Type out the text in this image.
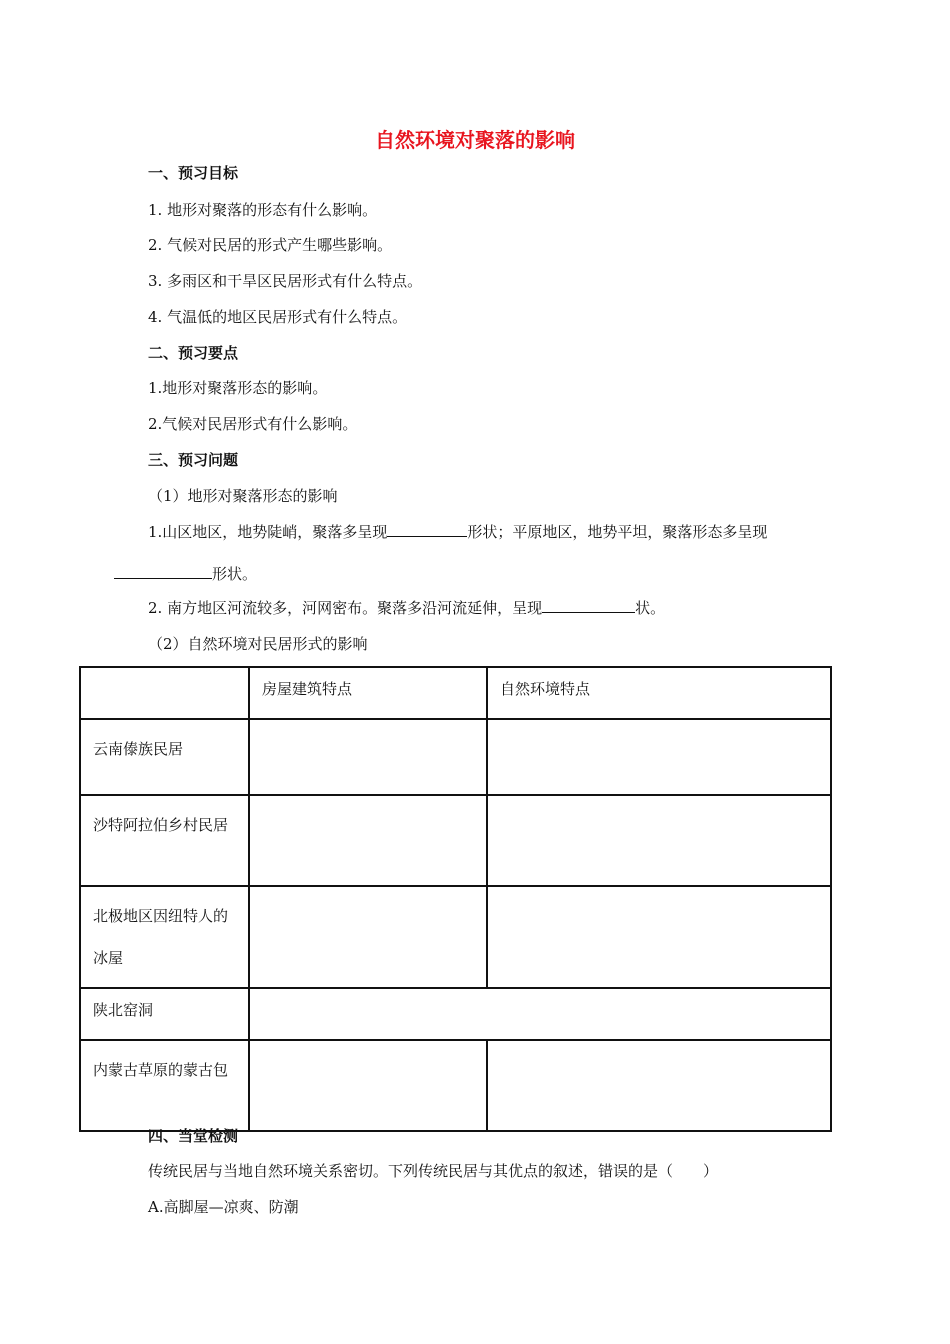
自然环境对聚落的影响
一、预习目标
1. 地形对聚落的形态有什么影响。
2. 气候对民居的形式产生哪些影响。
3. 多雨区和干旱区民居形式有什么特点。
4. 气温低的地区民居形式有什么特点。
二、预习要点
1.地形对聚落形态的影响。
2.气候对民居形式有什么影响。
三、预习问题
（1）地形对聚落形态的影响
1.山区地区，地势陡峭，聚落多呈现	形状；平原地区，地势平坦，聚落形态多呈现
形状。
2. 南方地区河流较多，河网密布。聚落多沿河流延伸，呈现	状。
（2）自然环境对民居形式的影响
	房屋建筑特点	自然环境特点
云南傣族民居		
沙特阿拉伯乡村民居		
北极地区因纽特人的冰屋		
陕北窑洞		
内蒙古草原的蒙古包		
四、当堂检测
传统民居与当地自然环境关系密切。下列传统民居与其优点的叙述，错误的是（　　）
A.高脚屋—凉爽、防潮
